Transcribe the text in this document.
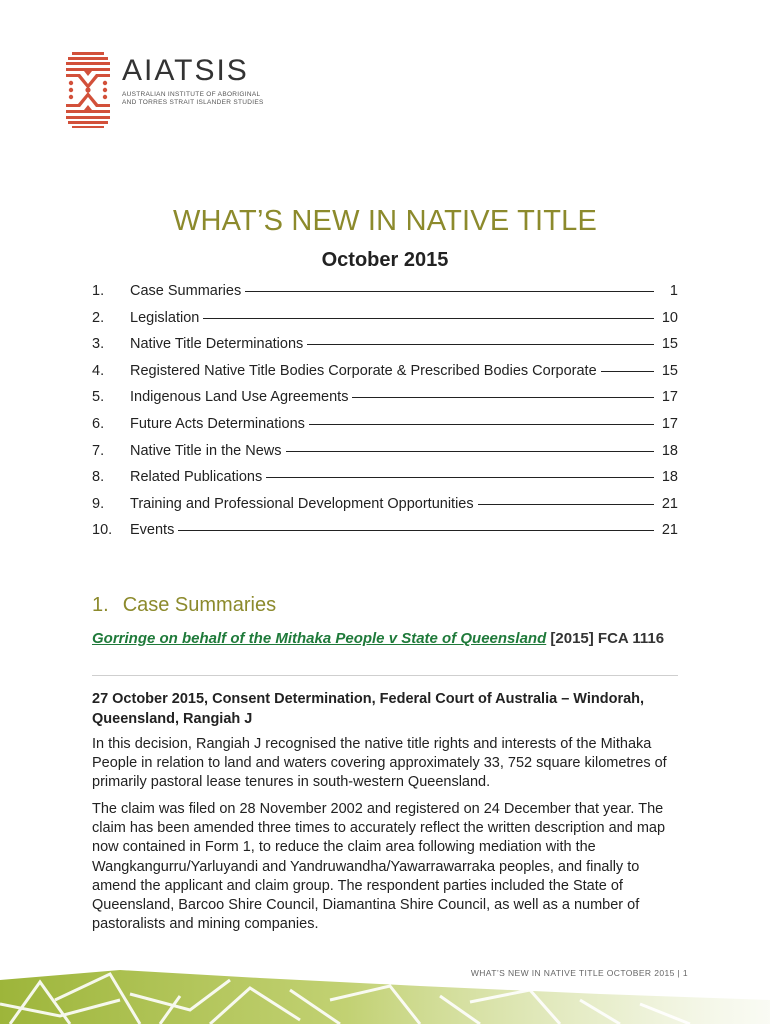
AIATSIS
AUSTRALIAN INSTITUTE OF ABORIGINAL
AND TORRES STRAIT ISLANDER STUDIES
WHAT’S NEW IN NATIVE TITLE
October 2015
1.	Case Summaries	1
2.	Legislation	10
3.	Native Title Determinations	15
4.	Registered Native Title Bodies Corporate & Prescribed Bodies Corporate	15
5.	Indigenous Land Use Agreements	17
6.	Future Acts Determinations	17
7.	Native Title in the News	18
8.	Related Publications	18
9.	Training and Professional Development Opportunities	21
10.	Events	21
1. Case Summaries
Gorringe on behalf of the Mithaka People v State of Queensland [2015] FCA 1116
27 October 2015, Consent Determination, Federal Court of Australia – Windorah, Queensland, Rangiah J

In this decision, Rangiah J recognised the native title rights and interests of the Mithaka People in relation to land and waters covering approximately 33, 752 square kilometres of primarily pastoral lease tenures in south-western Queensland.

The claim was filed on 28 November 2002 and registered on 24 December that year. The claim has been amended three times to accurately reflect the written description and map now contained in Form 1, to reduce the claim area following mediation with the Wangkangurru/Yarluyandi and Yandruwandha/Yawarrawarraka peoples, and finally to amend the applicant and claim group. The respondent parties included the State of Queensland, Barcoo Shire Council, Diamantina Shire Council, as well as a number of pastoralists and mining companies.

WHAT’S NEW IN NATIVE TITLE OCTOBER 2015 | 1
